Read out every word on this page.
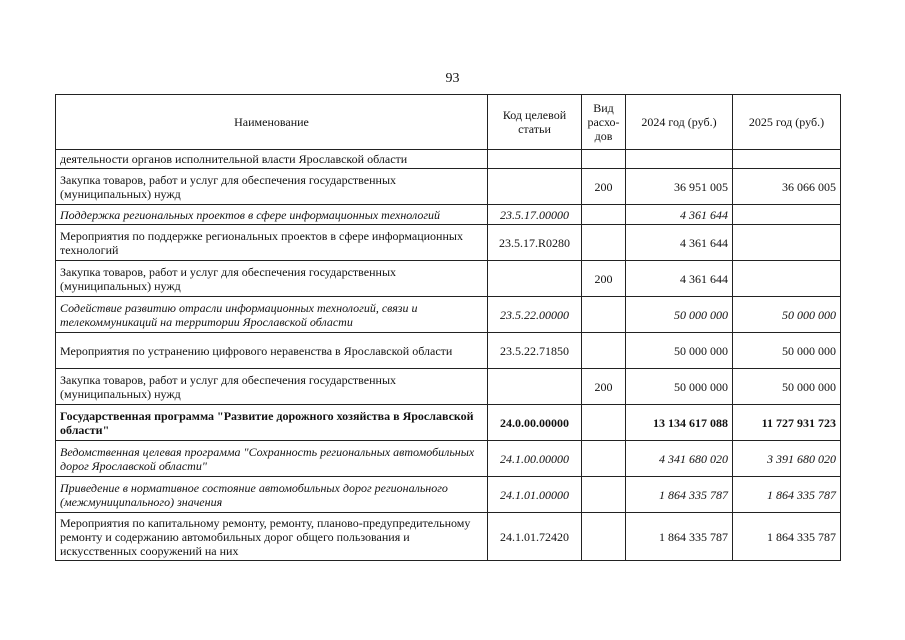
93
Наименование	Код целевой статьи	Вид расхо-дов	2024 год (руб.)	2025 год (руб.)
деятельности органов исполнительной власти Ярославской области				
Закупка товаров, работ и услуг для обеспечения государственных (муниципальных) нужд		200	36 951 005	36 066 005
Поддержка региональных проектов в сфере информационных технологий	23.5.17.00000		4 361 644	
Мероприятия по поддержке региональных проектов в сфере информационных технологий	23.5.17.R0280		4 361 644	
Закупка товаров, работ и услуг для обеспечения государственных (муниципальных) нужд		200	4 361 644	
Содействие развитию отрасли информационных технологий, связи и телекоммуникаций на территории Ярославской области	23.5.22.00000		50 000 000	50 000 000
Мероприятия по устранению цифрового неравенства в Ярославской области	23.5.22.71850		50 000 000	50 000 000
Закупка товаров, работ и услуг для обеспечения государственных (муниципальных) нужд		200	50 000 000	50 000 000
Государственная программа "Развитие дорожного хозяйства в Ярославской области"	24.0.00.00000		13 134 617 088	11 727 931 723
Ведомственная целевая программа "Сохранность региональных автомобильных дорог Ярославской области"	24.1.00.00000		4 341 680 020	3 391 680 020
Приведение в нормативное состояние автомобильных дорог регионального (межмуниципального) значения	24.1.01.00000		1 864 335 787	1 864 335 787
Мероприятия по капитальному ремонту, ремонту, планово-предупредительному ремонту и содержанию автомобильных дорог общего пользования и искусственных сооружений на них	24.1.01.72420		1 864 335 787	1 864 335 787
